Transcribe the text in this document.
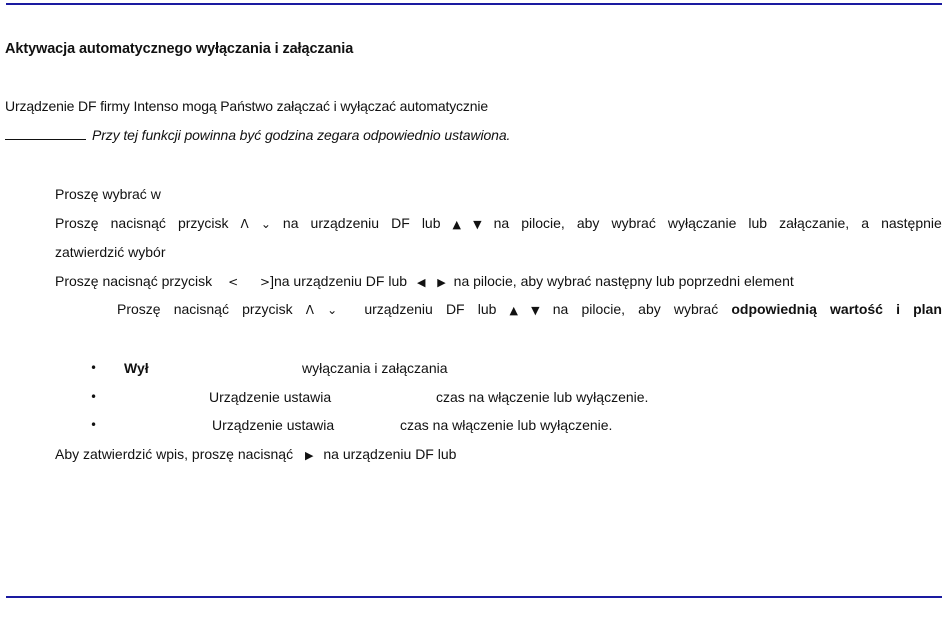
Aktywacja automatycznego wyłączania i załączania
Urządzenie DF firmy Intenso mogą Państwo załączać i wyłączać automatycznie
Przy tej funkcji powinna być godzina zegara odpowiednio ustawiona.
Proszę wybrać w
Proszę nacisnąć przycisk ᐱ ⌄ na urządzeniu DF lub ▲ ▼ na pilocie, aby wybrać wyłączanie lub załączanie, a następnie
zatwierdzić wybór
Proszę nacisnąć przycisk < >]na urządzeniu DF lub ◀ ▶ na pilocie, aby wybrać następny lub poprzedni element
Proszę nacisnąć przycisk ᐱ ⌄ urządzeniu DF lub ▲ ▼ na pilocie, aby wybrać odpowiednią wartość i plan
• Wył	wyłączania i załączania
•	Urządzenie ustawia	czas na włączenie lub wyłączenie.
•	Urządzenie ustawia	czas na włączenie lub wyłączenie.
Aby zatwierdzić wpis, proszę nacisnąć ▶ na urządzeniu DF lub
